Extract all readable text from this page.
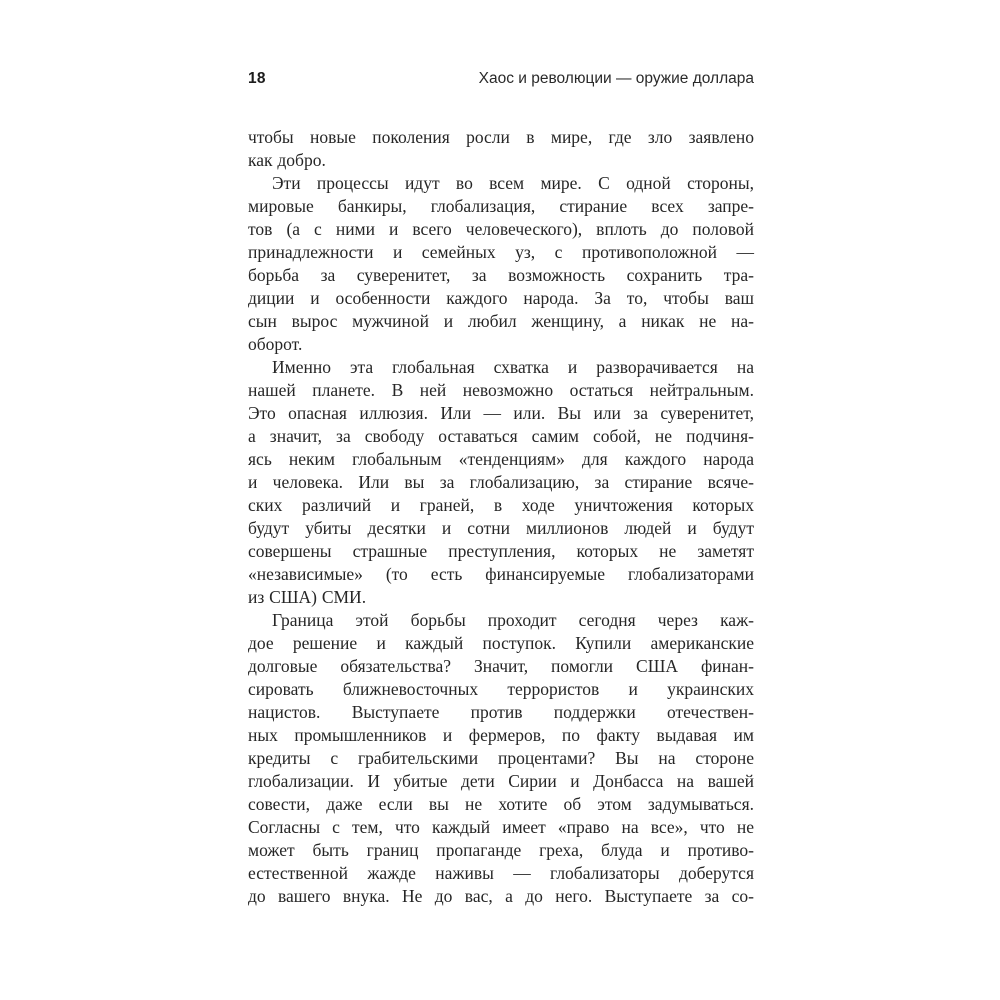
18	Хаос и революции — оружие доллара
чтобы новые поколения росли в мире, где зло заявлено
как добро.
Эти процессы идут во всем мире. С одной стороны,
мировые банкиры, глобализация, стирание всех запре-
тов (а с ними и всего человеческого), вплоть до половой
принадлежности и семейных уз, с противоположной —
борьба за суверенитет, за возможность сохранить тра-
диции и особенности каждого народа. За то, чтобы ваш
сын вырос мужчиной и любил женщину, а никак не на-
оборот.
Именно эта глобальная схватка и разворачивается на
нашей планете. В ней невозможно остаться нейтральным.
Это опасная иллюзия. Или — или. Вы или за суверенитет,
а значит, за свободу оставаться самим собой, не подчиня-
ясь неким глобальным «тенденциям» для каждого народа
и человека. Или вы за глобализацию, за стирание всяче-
ских различий и граней, в ходе уничтожения которых
будут убиты десятки и сотни миллионов людей и будут
совершены страшные преступления, которых не заметят
«независимые» (то есть финансируемые глобализаторами
из США) СМИ.
Граница этой борьбы проходит сегодня через каж-
дое решение и каждый поступок. Купили американские
долговые обязательства? Значит, помогли США финан-
сировать ближневосточных террористов и украинских
нацистов. Выступаете против поддержки отечествен-
ных промышленников и фермеров, по факту выдавая им
кредиты с грабительскими процентами? Вы на стороне
глобализации. И убитые дети Сирии и Донбасса на вашей
совести, даже если вы не хотите об этом задумываться.
Согласны с тем, что каждый имеет «право на все», что не
может быть границ пропаганде греха, блуда и противо-
естественной жажде наживы — глобализаторы доберутся
до вашего внука. Не до вас, а до него. Выступаете за со-
